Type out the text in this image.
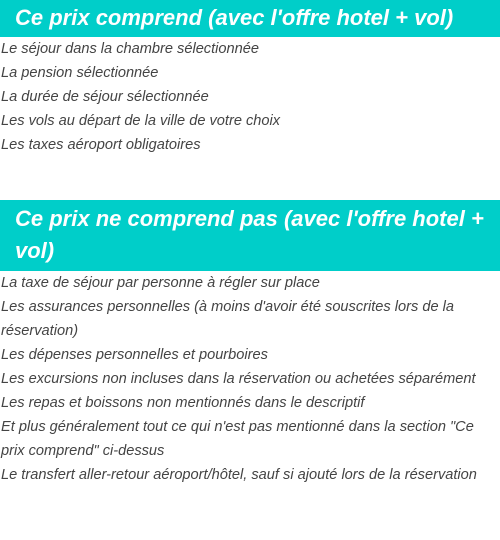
Ce prix comprend (avec l'offre hotel + vol)
Le séjour dans la chambre sélectionnée
La pension sélectionnée
La durée de séjour sélectionnée
Les vols au départ de la ville de votre choix
Les taxes aéroport obligatoires
Ce prix ne comprend pas (avec l'offre hotel + vol)
La taxe de séjour par personne à régler sur place
Les assurances personnelles (à moins d'avoir été souscrites lors de la réservation)
Les dépenses personnelles et pourboires
Les excursions non incluses dans la réservation ou achetées séparément
Les repas et boissons non mentionnés dans le descriptif
Et plus généralement tout ce qui n'est pas mentionné dans la section "Ce prix comprend" ci-dessus
Le transfert aller-retour aéroport/hôtel, sauf si ajouté lors de la réservation
